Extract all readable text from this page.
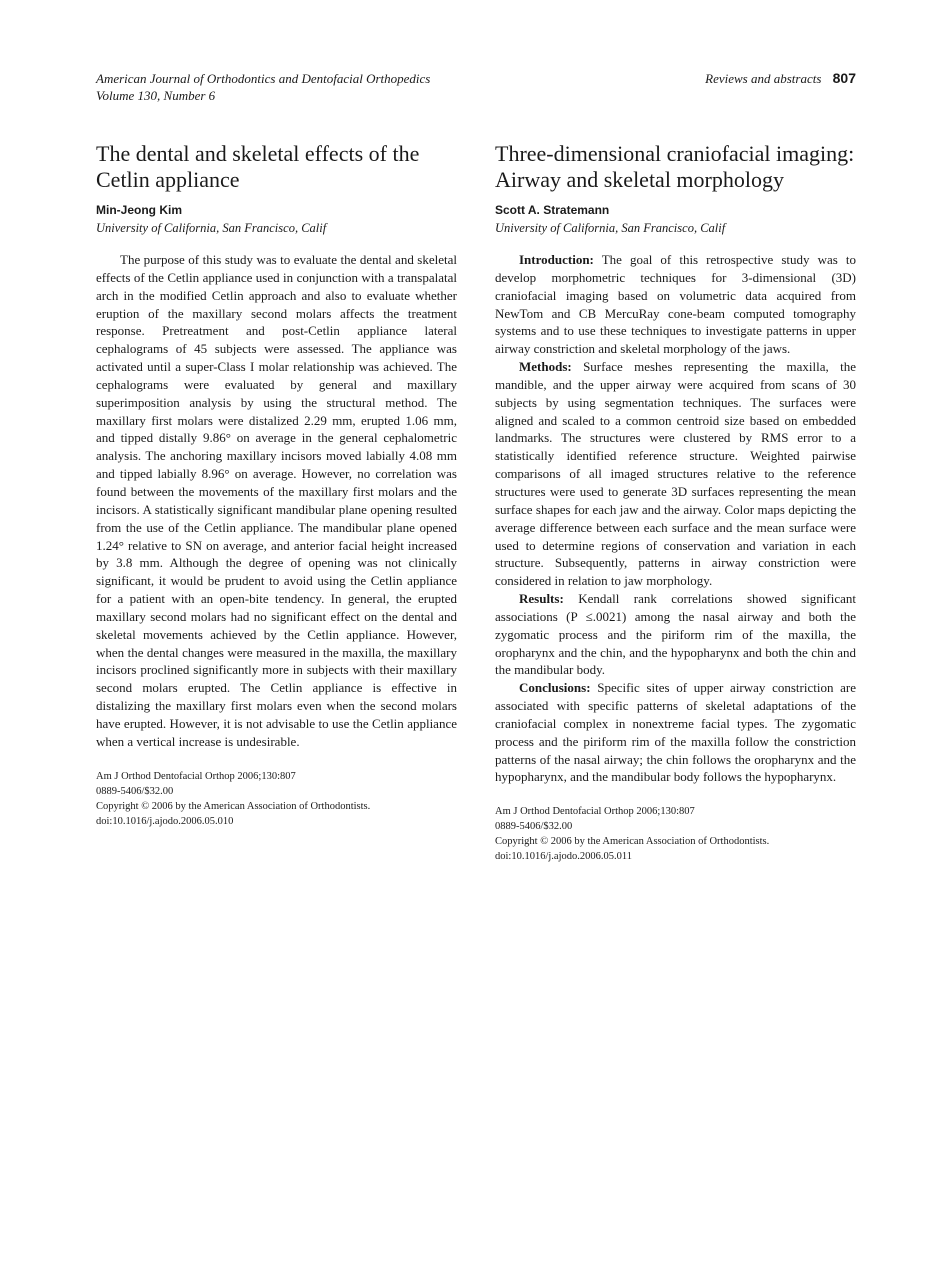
American Journal of Orthodontics and Dentofacial Orthopedics
Volume 130, Number 6
Reviews and abstracts 807
The dental and skeletal effects of the Cetlin appliance
Min-Jeong Kim
University of California, San Francisco, Calif

The purpose of this study was to evaluate the dental and skeletal effects of the Cetlin appliance used in conjunction with a transpalatal arch in the modified Cetlin approach and also to evaluate whether eruption of the maxillary second molars affects the treatment response. Pretreatment and post-Cetlin appliance lateral cephalograms of 45 subjects were assessed. The appliance was activated until a super-Class I molar relationship was achieved. The cephalograms were evaluated by general and maxillary superimposition analysis by using the structural method. The maxillary first molars were distalized 2.29 mm, erupted 1.06 mm, and tipped distally 9.86° on average in the general cephalometric analysis. The anchoring maxillary incisors moved labially 4.08 mm and tipped labially 8.96° on average. However, no correlation was found between the movements of the maxillary first molars and the incisors. A statistically significant mandibular plane opening resulted from the use of the Cetlin appliance. The mandibular plane opened 1.24° relative to SN on average, and anterior facial height increased by 3.8 mm. Although the degree of opening was not clinically significant, it would be prudent to avoid using the Cetlin appliance for a patient with an open-bite tendency. In general, the erupted maxillary second molars had no significant effect on the dental and skeletal movements achieved by the Cetlin appliance. However, when the dental changes were measured in the maxilla, the maxillary incisors proclined significantly more in subjects with their maxillary second molars erupted. The Cetlin appliance is effective in distalizing the maxillary first molars even when the second molars have erupted. However, it is not advisable to use the Cetlin appliance when a vertical increase is undesirable.

Am J Orthod Dentofacial Orthop 2006;130:807
0889-5406/$32.00
Copyright © 2006 by the American Association of Orthodontists.
doi:10.1016/j.ajodo.2006.05.010
Three-dimensional craniofacial imaging: Airway and skeletal morphology
Scott A. Stratemann
University of California, San Francisco, Calif

Introduction: The goal of this retrospective study was to develop morphometric techniques for 3-dimensional (3D) craniofacial imaging based on volumetric data acquired from NewTom and CB MercuRay cone-beam computed tomography systems and to use these techniques to investigate patterns in upper airway constriction and skeletal morphology of the jaws.

Methods: Surface meshes representing the maxilla, the mandible, and the upper airway were acquired from scans of 30 subjects by using segmentation techniques. The surfaces were aligned and scaled to a common centroid size based on embedded landmarks. The structures were clustered by RMS error to a statistically identified reference structure. Weighted pairwise comparisons of all imaged structures relative to the reference structures were used to generate 3D surfaces representing the mean surface shapes for each jaw and the airway. Color maps depicting the average difference between each surface and the mean surface were used to determine regions of conservation and variation in each structure. Subsequently, patterns in airway constriction were considered in relation to jaw morphology.

Results: Kendall rank correlations showed significant associations (P ≤.0021) among the nasal airway and both the zygomatic process and the piriform rim of the maxilla, the oropharynx and the chin, and the hypopharynx and both the chin and the mandibular body.

Conclusions: Specific sites of upper airway constriction are associated with specific patterns of skeletal adaptations of the craniofacial complex in nonextreme facial types. The zygomatic process and the piriform rim of the maxilla follow the constriction patterns of the nasal airway; the chin follows the oropharynx and the hypopharynx, and the mandibular body follows the hypopharynx.

Am J Orthod Dentofacial Orthop 2006;130:807
0889-5406/$32.00
Copyright © 2006 by the American Association of Orthodontists.
doi:10.1016/j.ajodo.2006.05.011
